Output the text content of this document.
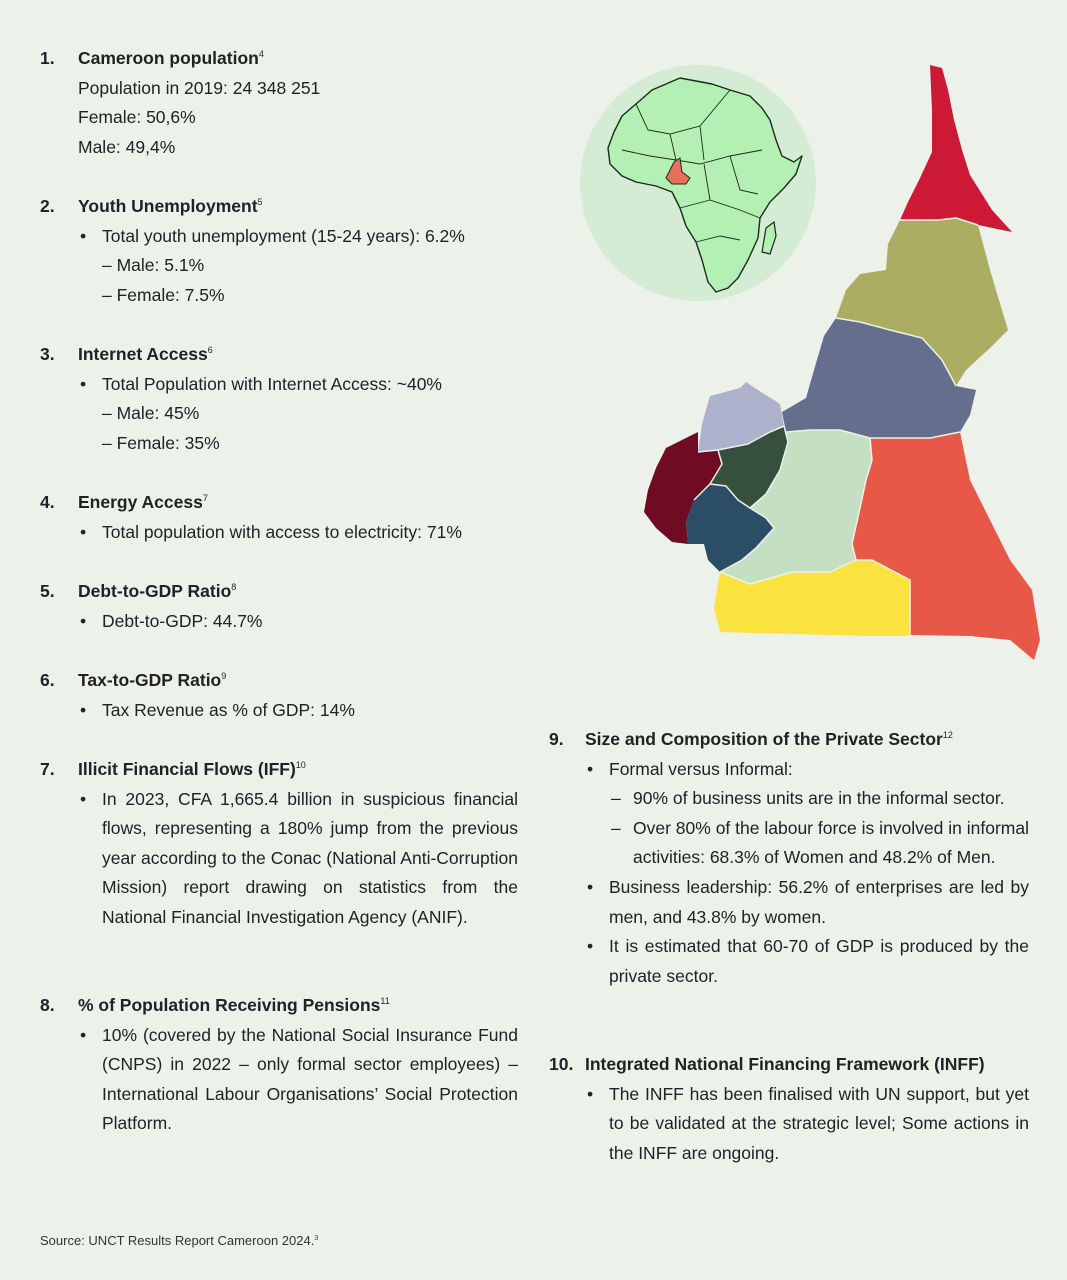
1. Cameroon population$^4$
Population in 2019: 24 348 251
Female: 50,6%
Male: 49,4%
2. Youth Unemployment$^5$
• Total youth unemployment (15-24 years): 6.2%
– Male: 5.1%
– Female: 7.5%
3. Internet Access$^6$
• Total Population with Internet Access: ~40%
– Male: 45%
– Female: 35%
4. Energy Access$^7$
• Total population with access to electricity: 71%
5. Debt-to-GDP Ratio$^8$
• Debt-to-GDP: 44.7%
6. Tax-to-GDP Ratio$^9$
• Tax Revenue as % of GDP: 14%
7. Illicit Financial Flows (IFF)$^{10}$
• In 2023, CFA 1,665.4 billion in suspicious financial flows, representing a 180% jump from the previous year according to the Conac (National Anti-Corruption Mission) report drawing on statistics from the National Financial Investigation Agency (ANIF).
8. % of Population Receiving Pensions$^{11}$
• 10% (covered by the National Social Insurance Fund (CNPS) in 2022 – only formal sector employees) – International Labour Organisations’ Social Protection Platform.
9. Size and Composition of the Private Sector$^{12}$
• Formal versus Informal:
– 90% of business units are in the informal sector.
– Over 80% of the labour force is involved in informal activities: 68.3% of Women and 48.2% of Men.
• Business leadership: 56.2% of enterprises are led by men, and 43.8% by women.
• It is estimated that 60-70 of GDP is produced by the private sector.
10. Integrated National Financing Framework (INFF)
• The INFF has been finalised with UN support, but yet to be validated at the strategic level; Some actions in the INFF are ongoing.
Source: UNCT Results Report Cameroon 2024.$^3$
